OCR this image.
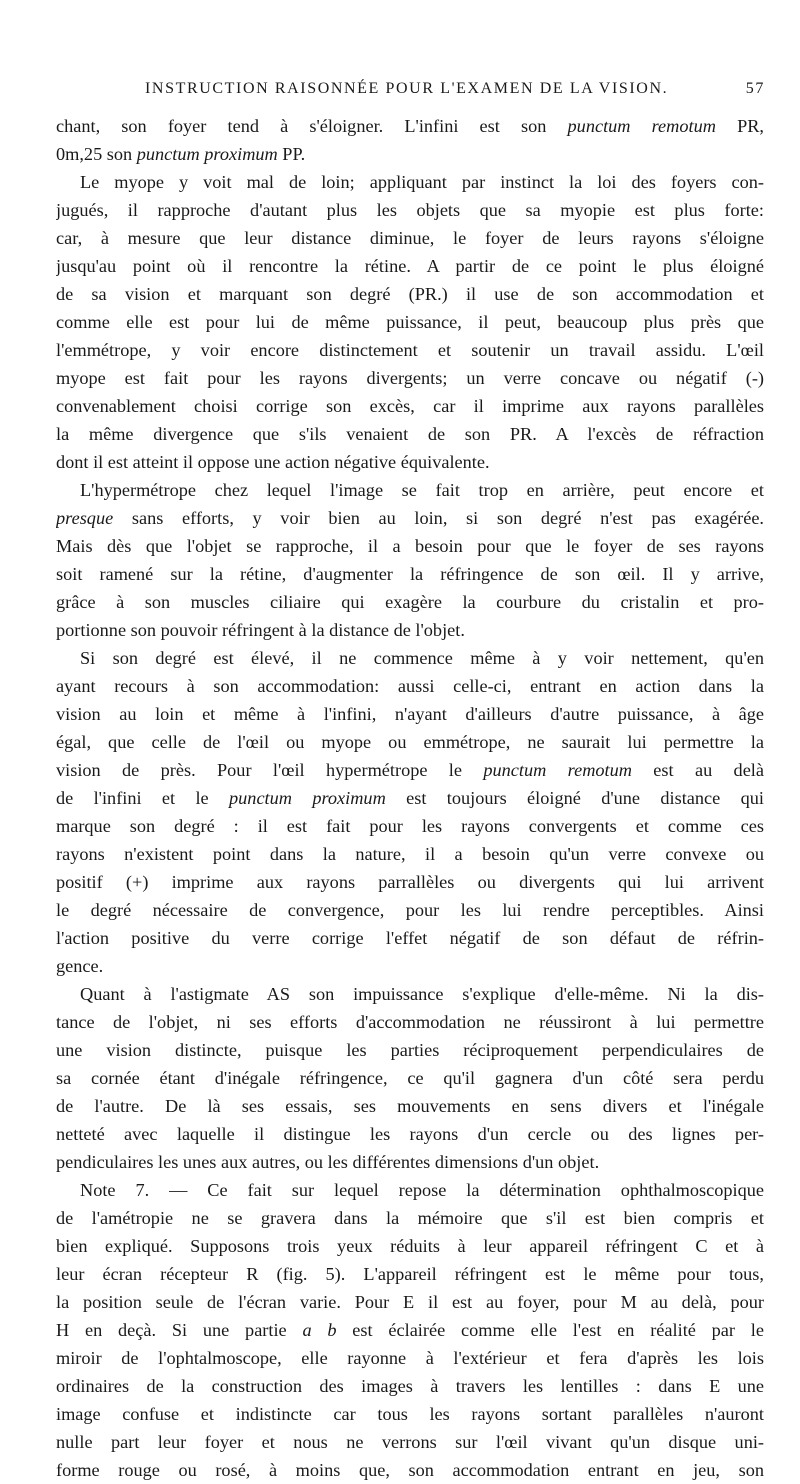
INSTRUCTION RAISONNÉE POUR L'EXAMEN DE LA VISION.	57
chant, son foyer tend à s'éloigner. L'infini est son punctum remotum PR,
0m,25 son punctum proximum PP.
Le myope y voit mal de loin; appliquant par instinct la loi des foyers con-
jugués, il rapproche d'autant plus les objets que sa myopie est plus forte:
car, à mesure que leur distance diminue, le foyer de leurs rayons s'éloigne
jusqu'au point où il rencontre la rétine. A partir de ce point le plus éloigné
de sa vision et marquant son degré (PR.) il use de son accommodation et
comme elle est pour lui de même puissance, il peut, beaucoup plus près que
l'emmétrope, y voir encore distinctement et soutenir un travail assidu. L'œil
myope est fait pour les rayons divergents; un verre concave ou négatif (-)
convenablement choisi corrige son excès, car il imprime aux rayons parallèles
la même divergence que s'ils venaient de son PR. A l'excès de réfraction
dont il est atteint il oppose une action négative équivalente.
L'hypermétrope chez lequel l'image se fait trop en arrière, peut encore et
presque sans efforts, y voir bien au loin, si son degré n'est pas exagérée.
Mais dès que l'objet se rapproche, il a besoin pour que le foyer de ses rayons
soit ramené sur la rétine, d'augmenter la réfringence de son œil. Il y arrive,
grâce à son muscles ciliaire qui exagère la courbure du cristalin et pro-
portionne son pouvoir réfringent à la distance de l'objet.
Si son degré est élevé, il ne commence même à y voir nettement, qu'en
ayant recours à son accommodation: aussi celle-ci, entrant en action dans la
vision au loin et même à l'infini, n'ayant d'ailleurs d'autre puissance, à âge
égal, que celle de l'œil ou myope ou emmétrope, ne saurait lui permettre la
vision de près. Pour l'œil hypermétrope le punctum remotum est au delà
de l'infini et le punctum proximum est toujours éloigné d'une distance qui
marque son degré : il est fait pour les rayons convergents et comme ces
rayons n'existent point dans la nature, il a besoin qu'un verre convexe ou
positif (+) imprime aux rayons parrallèles ou divergents qui lui arrivent
le degré nécessaire de convergence, pour les lui rendre perceptibles. Ainsi
l'action positive du verre corrige l'effet négatif de son défaut de réfrin-
gence.
Quant à l'astigmate AS son impuissance s'explique d'elle-même. Ni la dis-
tance de l'objet, ni ses efforts d'accommodation ne réussiront à lui permettre
une vision distincte, puisque les parties réciproquement perpendiculaires de
sa cornée étant d'inégale réfringence, ce qu'il gagnera d'un côté sera perdu
de l'autre. De là ses essais, ses mouvements en sens divers et l'inégale
netteté avec laquelle il distingue les rayons d'un cercle ou des lignes per-
pendiculaires les unes aux autres, ou les différentes dimensions d'un objet.
Note 7. — Ce fait sur lequel repose la détermination ophthalmoscopique
de l'amétropie ne se gravera dans la mémoire que s'il est bien compris et
bien expliqué. Supposons trois yeux réduits à leur appareil réfringent C et à
leur écran récepteur R (fig. 5). L'appareil réfringent est le même pour tous,
la position seule de l'écran varie. Pour E il est au foyer, pour M au delà, pour
H en deçà. Si une partie a b est éclairée comme elle l'est en réalité par le
miroir de l'ophtalmoscope, elle rayonne à l'extérieur et fera d'après les lois
ordinaires de la construction des images à travers les lentilles : dans E une
image confuse et indistincte car tous les rayons sortant parallèles n'auront
nulle part leur foyer et nous ne verrons sur l'œil vivant qu'un disque uni-
forme rouge ou rosé, à moins que, son accommodation entrant en jeu, son
